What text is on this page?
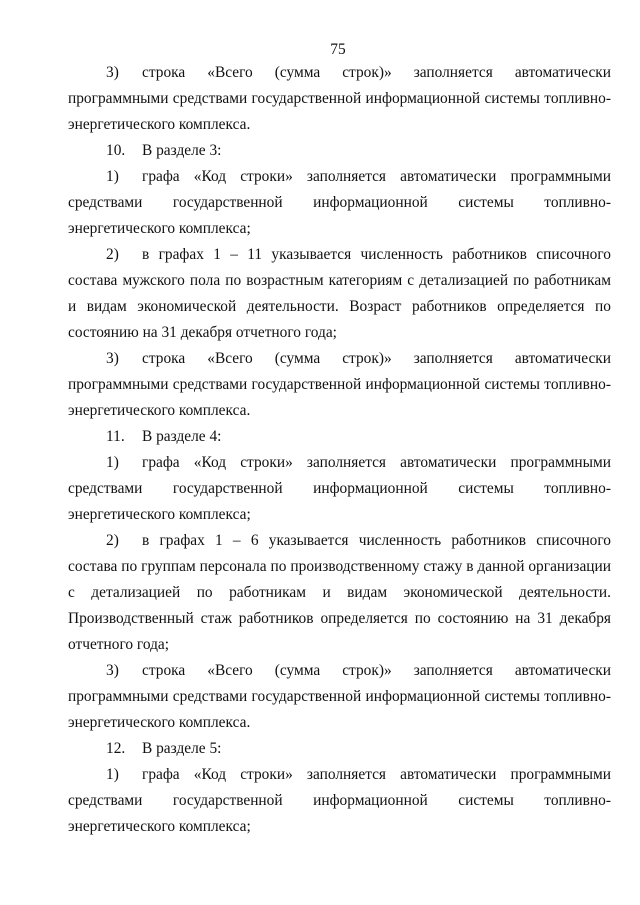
75

3) строка «Всего (сумма строк)» заполняется автоматически программными средствами государственной информационной системы топливно-энергетического комплекса.

10. В разделе 3:

1) графа «Код строки» заполняется автоматически программными средствами государственной информационной системы топливно-энергетического комплекса;

2) в графах 1 – 11 указывается численность работников списочного состава мужского пола по возрастным категориям с детализацией по работникам и видам экономической деятельности. Возраст работников определяется по состоянию на 31 декабря отчетного года;

3) строка «Всего (сумма строк)» заполняется автоматически программными средствами государственной информационной системы топливно-энергетического комплекса.

11. В разделе 4:

1) графа «Код строки» заполняется автоматически программными средствами государственной информационной системы топливно-энергетического комплекса;

2) в графах 1 – 6 указывается численность работников списочного состава по группам персонала по производственному стажу в данной организации с детализацией по работникам и видам экономической деятельности. Производственный стаж работников определяется по состоянию на 31 декабря отчетного года;

3) строка «Всего (сумма строк)» заполняется автоматически программными средствами государственной информационной системы топливно-энергетического комплекса.

12. В разделе 5:

1) графа «Код строки» заполняется автоматически программными средствами государственной информационной системы топливно-энергетического комплекса;
